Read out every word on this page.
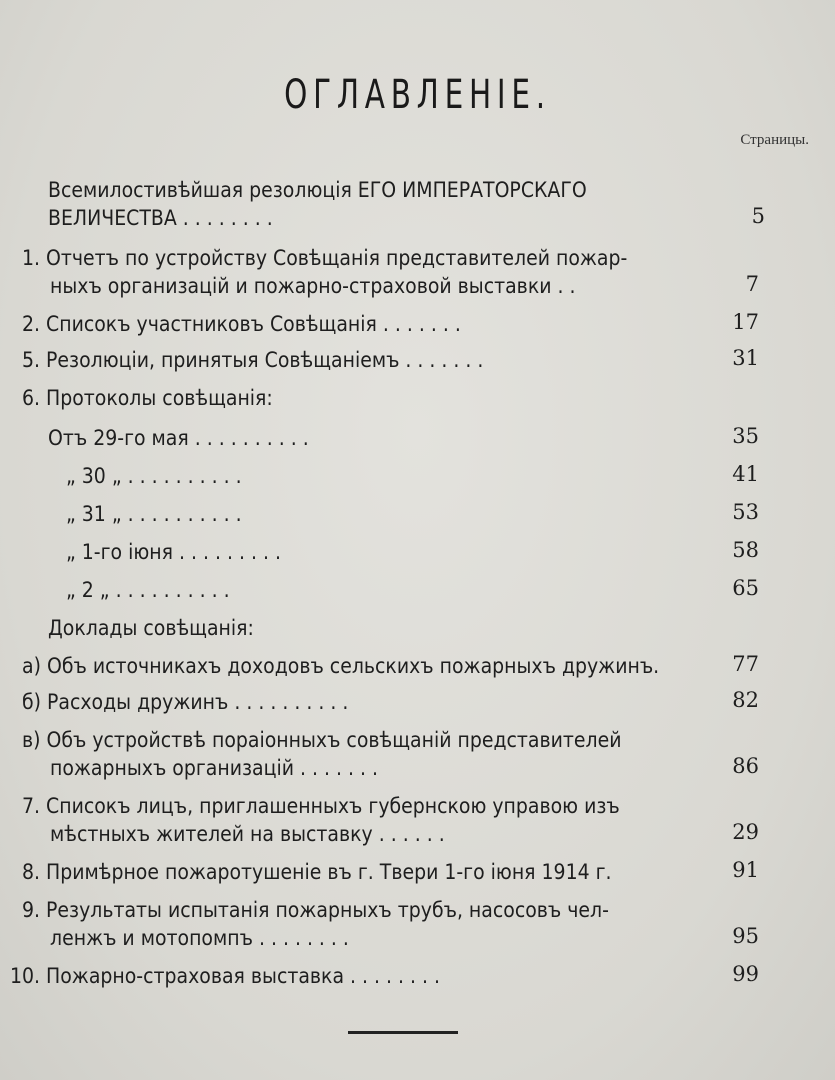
ОГЛАВЛЕНІЕ.
Страницы.
Всемилостивѣйшая резолюція ЕГО ИМПЕРАТОРСКАГО
ВЕЛИЧЕСТВА . . . . . . . .	5
1. Отчетъ по устройству Совѣщанія представителей пожар-
ныхъ организацій и пожарно-страховой выставки . .	7
2. Списокъ участниковъ Совѣщанія . . . . . . .	17
5. Резолюціи, принятыя Совѣщаніемъ . . . . . . .	31
6. Протоколы совѣщанія:
Отъ 29-го мая . . . . . . . . . .	35
„ 30 „ . . . . . . . . . .	41
„ 31 „ . . . . . . . . . .	53
„ 1-го іюня . . . . . . . . .	58
„ 2 „ . . . . . . . . . .	65
Доклады совѣщанія:
а) Объ источникахъ доходовъ сельскихъ пожарныхъ дружинъ.	77
б) Расходы дружинъ . . . . . . . . . .	82
в) Объ устройствѣ пораіонныхъ совѣщаній представителей
пожарныхъ организацій . . . . . . .	86
7. Списокъ лицъ, приглашенныхъ губернскою управою изъ
мѣстныхъ жителей на выставку . . . . . .	29
8. Примѣрное пожаротушеніе въ г. Твери 1-го іюня 1914 г.	91
9. Результаты испытанія пожарныхъ трубъ, насосовъ чел-
ленжъ и мотопомпъ . . . . . . . .	95
10. Пожарно-страховая выставка . . . . . . . .	99
